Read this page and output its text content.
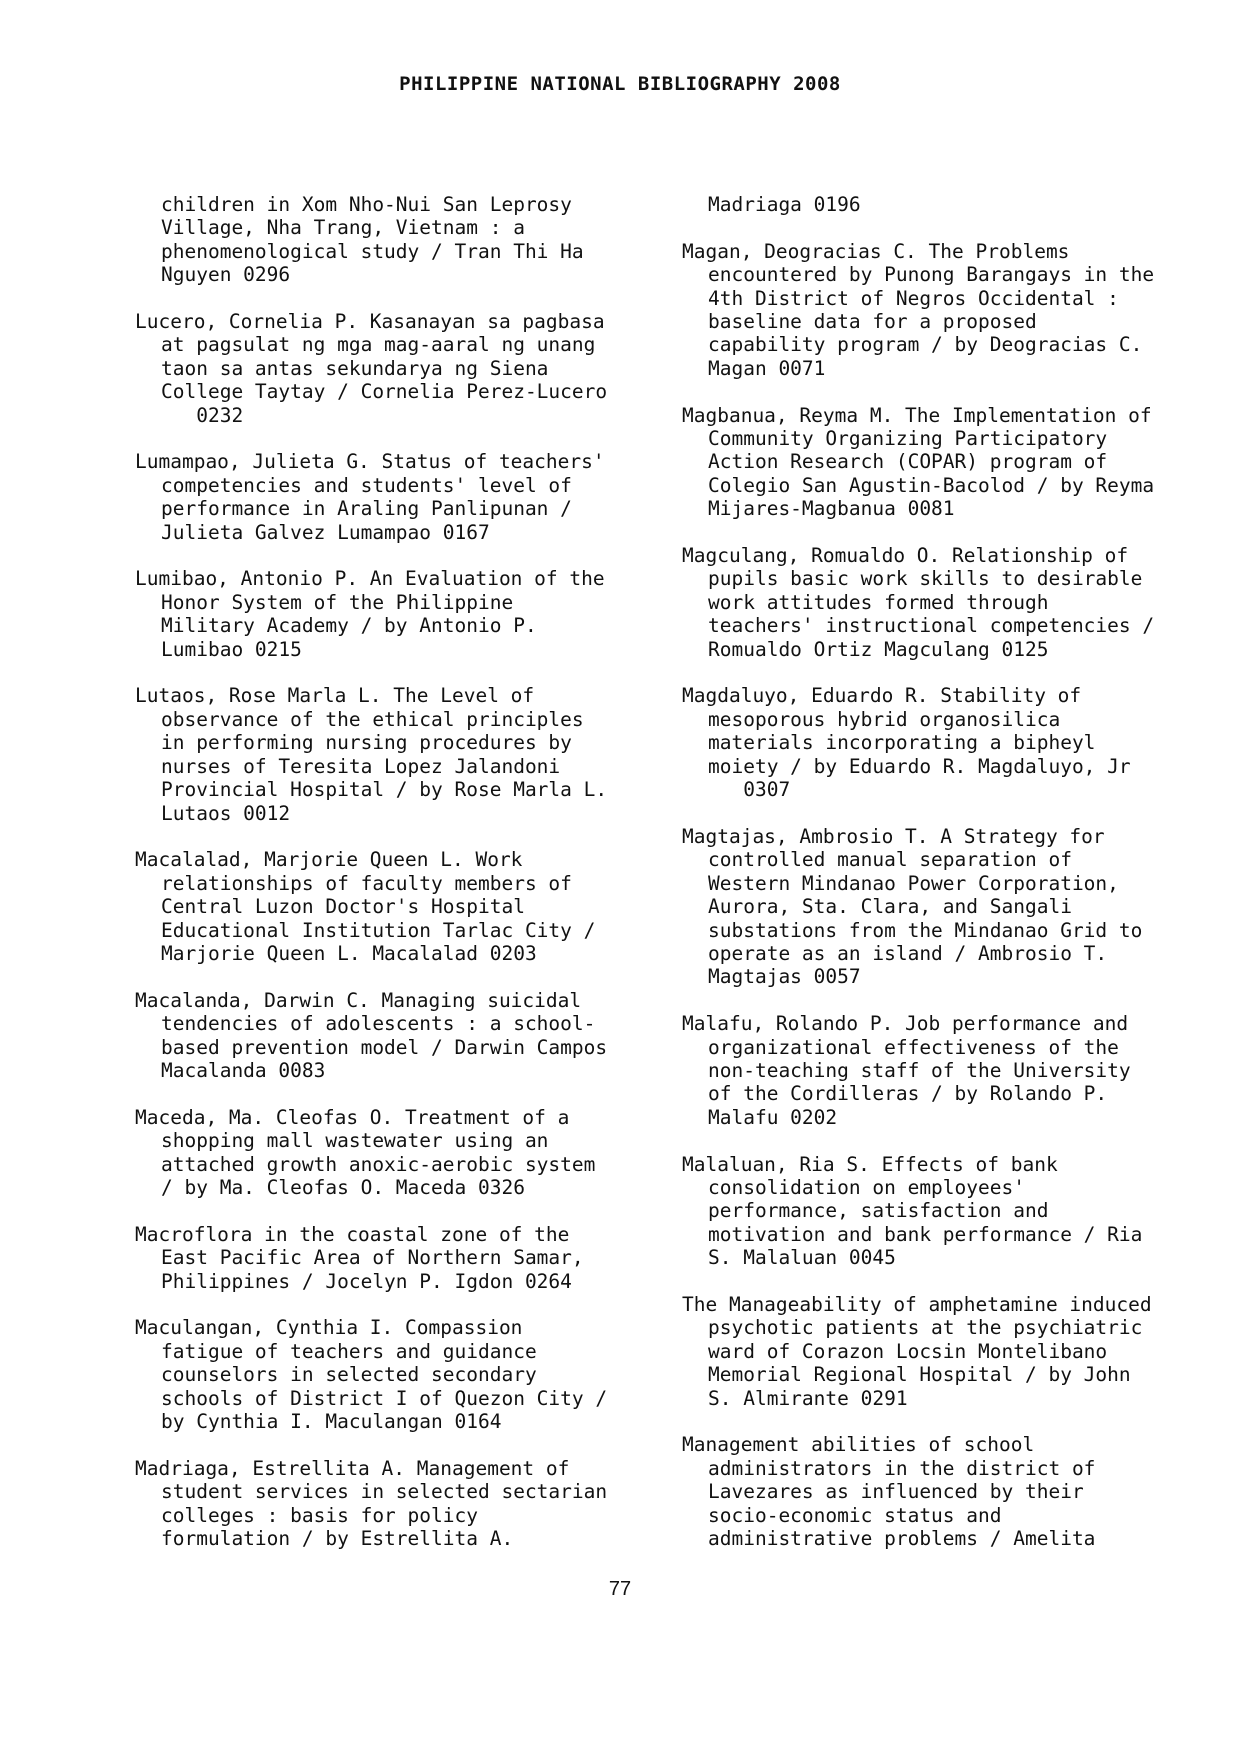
PHILIPPINE NATIONAL BIBLIOGRAPHY 2008
children in Xom Nho-Nui San Leprosy
Village, Nha Trang, Vietnam : a
phenomenological study / Tran Thi Ha
Nguyen 0296
Lucero, Cornelia P. Kasanayan sa pagbasa
at pagsulat ng mga mag-aaral ng unang
taon sa antas sekundarya ng Siena
College Taytay / Cornelia Perez-Lucero
0232
Lumampao, Julieta G. Status of teachers'
competencies and students' level of
performance in Araling Panlipunan /
Julieta Galvez Lumampao 0167
Lumibao, Antonio P. An Evaluation of the
Honor System of the Philippine
Military Academy / by Antonio P.
Lumibao 0215
Lutaos, Rose Marla L. The Level of
observance of the ethical principles
in performing nursing procedures by
nurses of Teresita Lopez Jalandoni
Provincial Hospital / by Rose Marla L.
Lutaos 0012
Macalalad, Marjorie Queen L. Work
relationships of faculty members of
Central Luzon Doctor's Hospital
Educational Institution Tarlac City /
Marjorie Queen L. Macalalad 0203
Macalanda, Darwin C. Managing suicidal
tendencies of adolescents : a school-
based prevention model / Darwin Campos
Macalanda 0083
Maceda, Ma. Cleofas O. Treatment of a
shopping mall wastewater using an
attached growth anoxic-aerobic system
/ by Ma. Cleofas O. Maceda 0326
Macroflora in the coastal zone of the
East Pacific Area of Northern Samar,
Philippines / Jocelyn P. Igdon 0264
Maculangan, Cynthia I. Compassion
fatigue of teachers and guidance
counselors in selected secondary
schools of District I of Quezon City /
by Cynthia I. Maculangan 0164
Madriaga, Estrellita A. Management of
student services in selected sectarian
colleges : basis for policy
formulation / by Estrellita A.
Madriaga 0196
Magan, Deogracias C. The Problems
encountered by Punong Barangays in the
4th District of Negros Occidental :
baseline data for a proposed
capability program / by Deogracias C.
Magan 0071
Magbanua, Reyma M. The Implementation of
Community Organizing Participatory
Action Research (COPAR) program of
Colegio San Agustin-Bacolod / by Reyma
Mijares-Magbanua 0081
Magculang, Romualdo O. Relationship of
pupils basic work skills to desirable
work attitudes formed through
teachers' instructional competencies /
Romualdo Ortiz Magculang 0125
Magdaluyo, Eduardo R. Stability of
mesoporous hybrid organosilica
materials incorporating a bipheyl
moiety / by Eduardo R. Magdaluyo, Jr
0307
Magtajas, Ambrosio T. A Strategy for
controlled manual separation of
Western Mindanao Power Corporation,
Aurora, Sta. Clara, and Sangali
substations from the Mindanao Grid to
operate as an island / Ambrosio T.
Magtajas 0057
Malafu, Rolando P. Job performance and
organizational effectiveness of the
non-teaching staff of the University
of the Cordilleras / by Rolando P.
Malafu 0202
Malaluan, Ria S. Effects of bank
consolidation on employees'
performance, satisfaction and
motivation and bank performance / Ria
S. Malaluan 0045
The Manageability of amphetamine induced
psychotic patients at the psychiatric
ward of Corazon Locsin Montelibano
Memorial Regional Hospital / by John
S. Almirante 0291
Management abilities of school
administrators in the district of
Lavezares as influenced by their
socio-economic status and
administrative problems / Amelita
77
